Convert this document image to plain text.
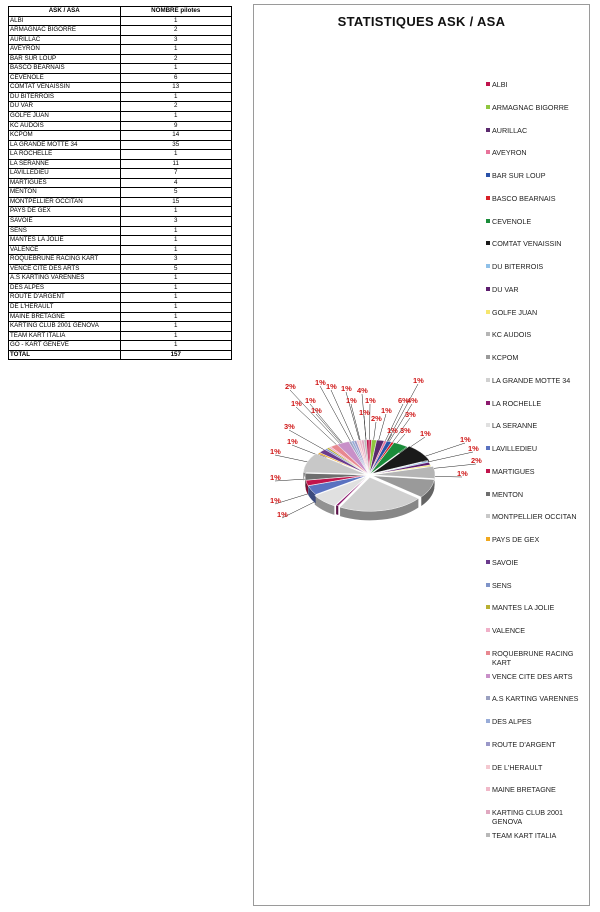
ASK / ASA	NOMBRE pilotes
ALBI	1
ARMAGNAC BIGORRE	2
AURILLAC	3
AVEYRON	1
BAR SUR LOUP	2
BASCO BEARNAIS	1
CEVENOLE	6
COMTAT VENAISSIN	13
DU BITERROIS	1
DU VAR	2
GOLFE JUAN	1
KC AUDOIS	9
KCPOM	14
LA GRANDE MOTTE 34	35
LA ROCHELLE	1
LA SERANNE	11
LAVILLEDIEU	7
MARTIGUES	4
MENTON	5
MONTPELLIER OCCITAN	15
PAYS DE GEX	1
SAVOIE	3
SENS	1
MANTES LA JOLIE	1
VALENCE	1
ROQUEBRUNE RACING KART	3
VENCE CITE DES ARTS	5
A.S KARTING VARENNES	1
DES ALPES	1
ROUTE D'ARGENT	1
DE L'HERAULT	1
MAINE BRETAGNE	1
KARTING CLUB 2001 GENOVA	1
TEAM KART ITALIA	1
GO - KART GENEVE	1
TOTAL	157
STATISTIQUES ASK / ASA
1% 1%
2%	1% 1% 1% 4%
1% 1%
1% 1%
6%
1%
4%
3%
3%
1%
2%
1%
1%
1%
2%
1%
1%
3%
1%
1%
1%
1%
1%
ALBI
ARMAGNAC BIGORRE
AURILLAC
AVEYRON
BAR SUR LOUP
BASCO BEARNAIS
CEVENOLE
COMTAT VENAISSIN
DU BITERROIS
DU VAR
GOLFE JUAN
KC AUDOIS
KCPOM
LA GRANDE MOTTE 34
LA ROCHELLE
LA SERANNE
LAVILLEDIEU
MARTIGUES
MENTON
MONTPELLIER OCCITAN
PAYS DE GEX
SAVOIE
SENS
MANTES LA JOLIE
VALENCE
ROQUEBRUNE RACING KART
VENCE CITE DES ARTS
A.S KARTING VARENNES
DES ALPES
ROUTE D'ARGENT
DE L'HERAULT
MAINE BRETAGNE
KARTING CLUB 2001 GENOVA
TEAM KART ITALIA
